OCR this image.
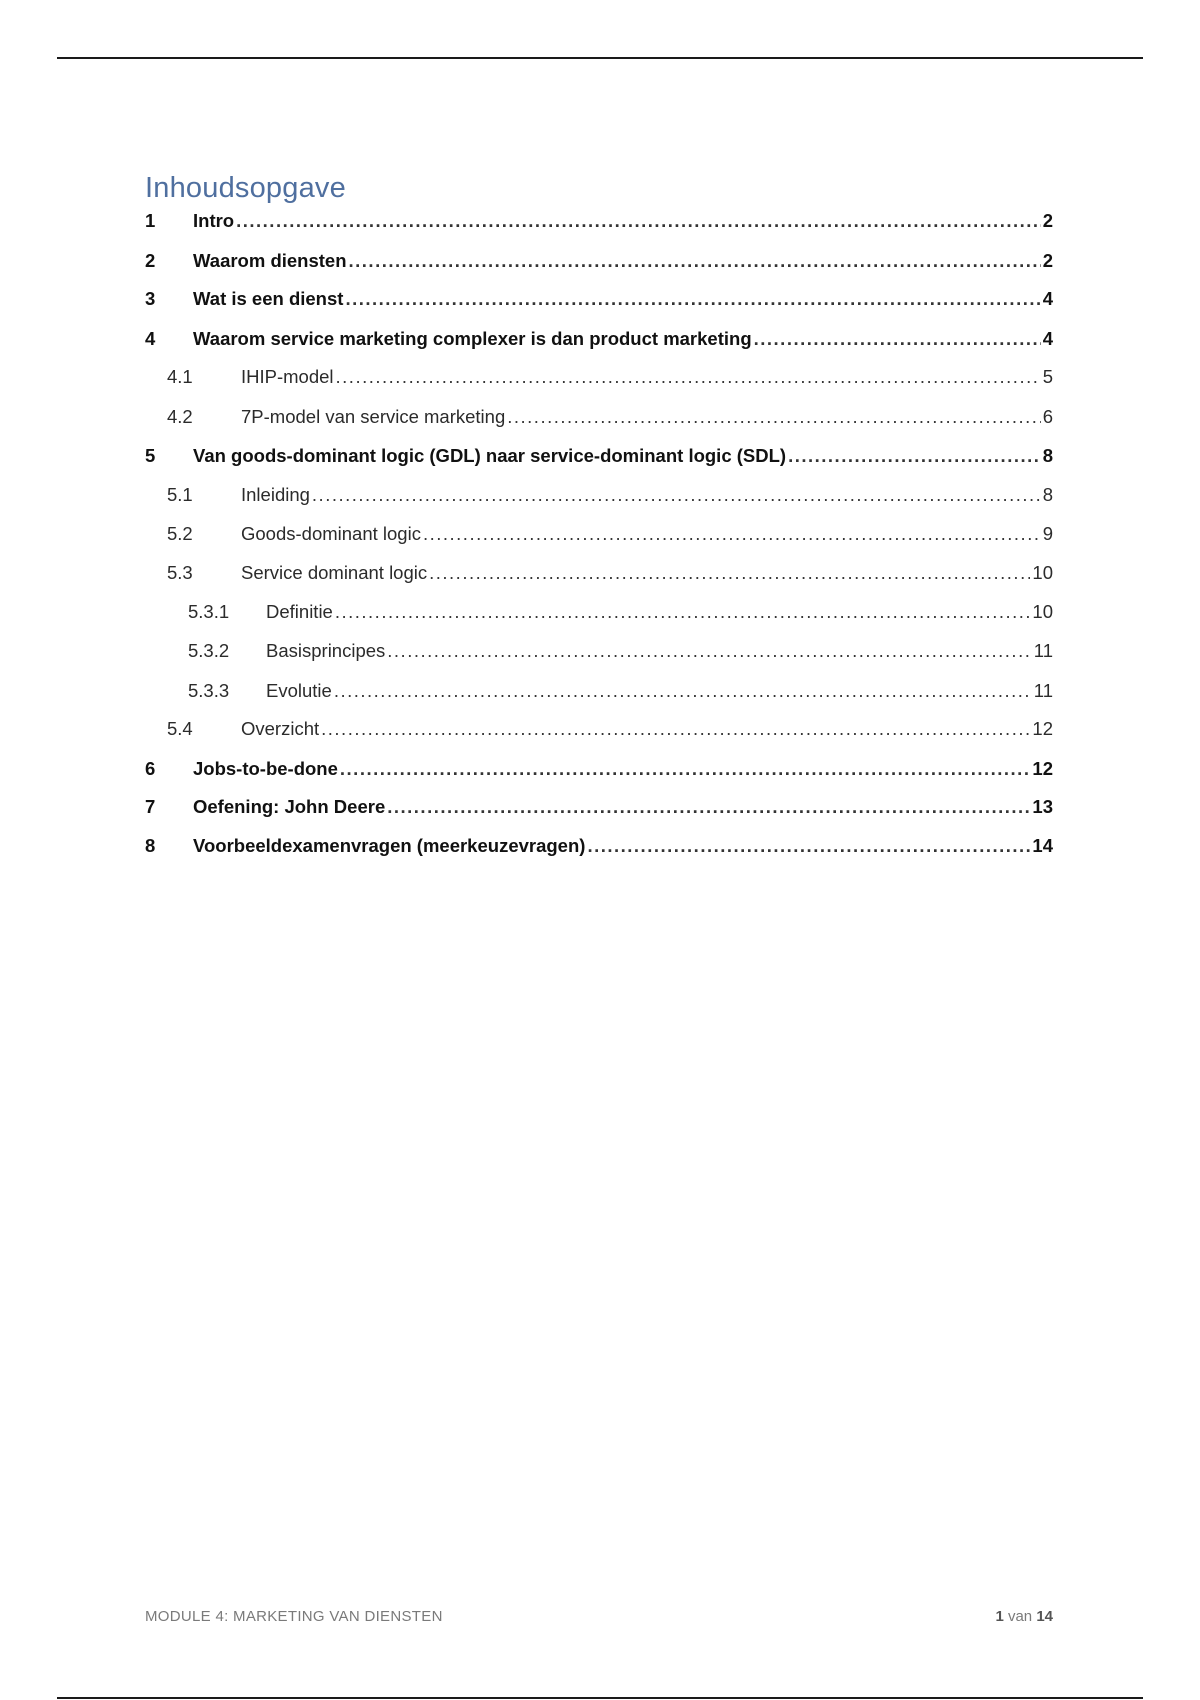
Inhoudsopgave
1	Intro .....	2
2	Waarom diensten .....	2
3	Wat is een dienst .....	4
4	Waarom service marketing complexer is dan product marketing .....	4
4.1	IHIP-model .....	5
4.2	7P-model van service marketing .....	6
5	Van goods-dominant logic (GDL) naar service-dominant logic (SDL) .....	8
5.1	Inleiding .....	8
5.2	Goods-dominant logic .....	9
5.3	Service dominant logic .....	10
5.3.1	Definitie .....	10
5.3.2	Basisprincipes .....	11
5.3.3	Evolutie .....	11
5.4	Overzicht .....	12
6	Jobs-to-be-done .....	12
7	Oefening: John Deere .....	13
8	Voorbeeldexamenvragen (meerkeuzevragen) .....	14
MODULE 4: MARKETING VAN DIENSTEN	1 van 14
